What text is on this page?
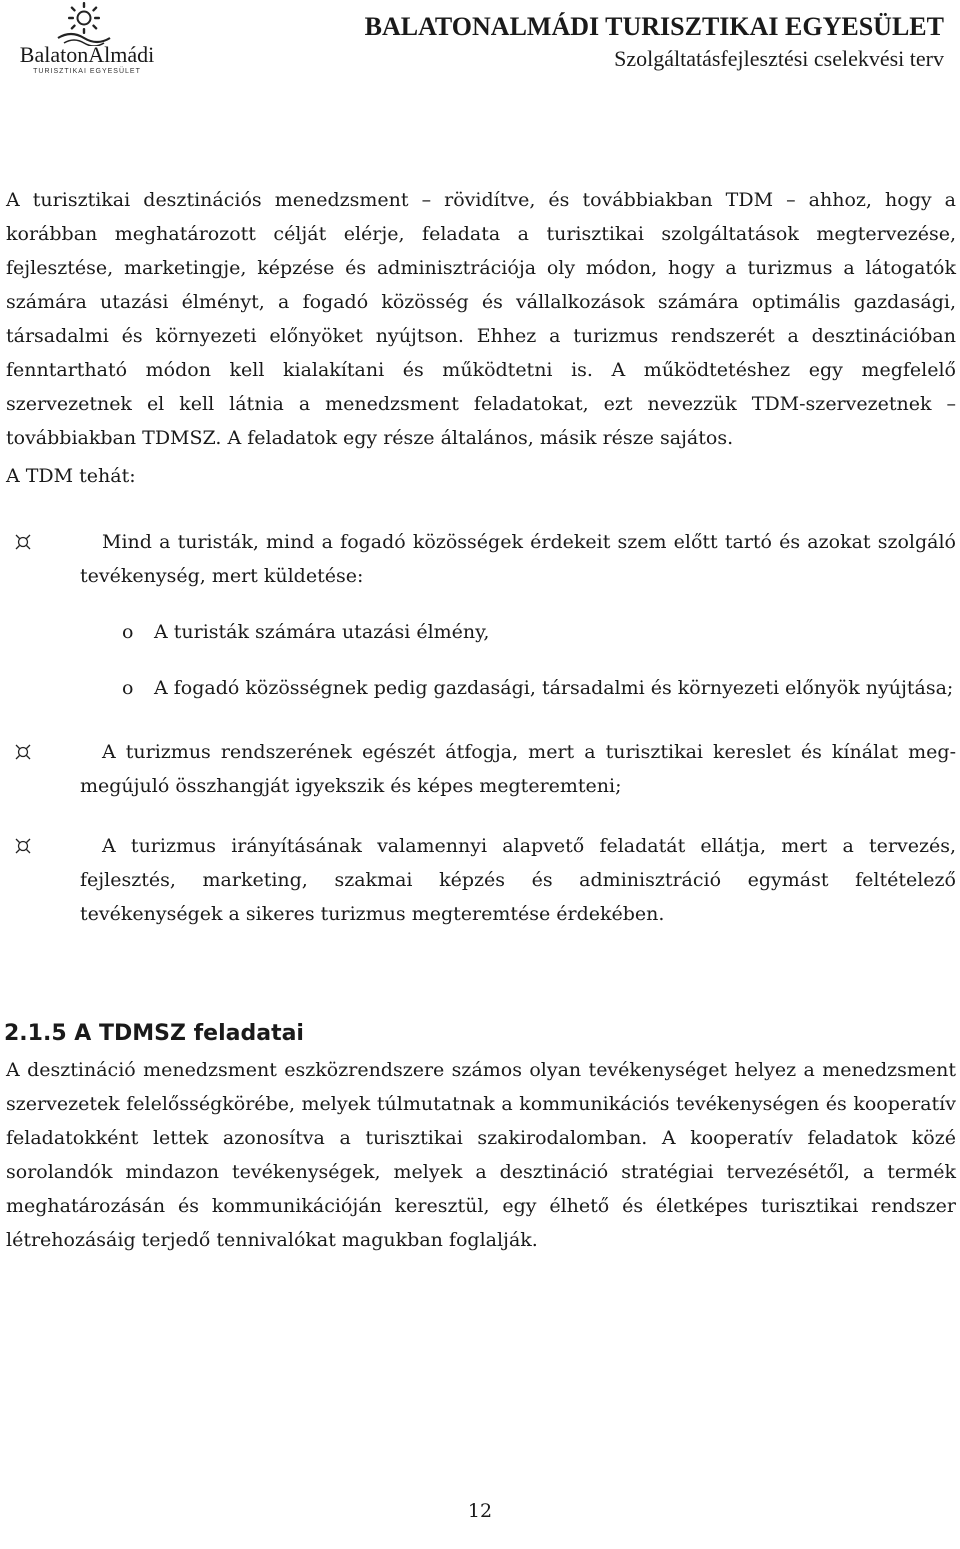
BalatonAlmádi
TURISZTIKAI EGYESÜLET
BALATONALMÁDI TURISZTIKAI EGYESÜLET
Szolgáltatásfejlesztési cselekvési terv

A turisztikai desztinációs menedzsment – rövidítve, és továbbiakban TDM – ahhoz, hogy a korábban meghatározott célját elérje, feladata a turisztikai szolgáltatások megtervezése, fejlesztése, marketingje, képzése és adminisztrációja oly módon, hogy a turizmus a látogatók számára utazási élményt, a fogadó közösség és vállalkozások számára optimális gazdasági, társadalmi és környezeti előnyöket nyújtson. Ehhez a turizmus rendszerét a desztinációban fenntartható módon kell kialakítani és működtetni is. A működtetéshez egy megfelelő szervezetnek el kell látnia a menedzsment feladatokat, ezt nevezzük TDM-szervezetnek – továbbiakban TDMSZ. A feladatok egy része általános, másik része sajátos.

A TDM tehát:

Mind a turisták, mind a fogadó közösségek érdekeit szem előtt tartó és azokat szolgáló tevékenység, mert küldetése:
o A turisták számára utazási élmény,
o A fogadó közösségnek pedig gazdasági, társadalmi és környezeti előnyök nyújtása;
A turizmus rendszerének egészét átfogja, mert a turisztikai kereslet és kínálat meg-megújuló összhangját igyekszik és képes megteremteni;
A turizmus irányításának valamennyi alapvető feladatát ellátja, mert a tervezés, fejlesztés, marketing, szakmai képzés és adminisztráció egymást feltételező tevékenységek a sikeres turizmus megteremtése érdekében.
2.1.5 A TDMSZ feladatai

A desztináció menedzsment eszközrendszere számos olyan tevékenységet helyez a menedzsment szervezetek felelősségkörébe, melyek túlmutatnak a kommunikációs tevékenységen és kooperatív feladatokként lettek azonosítva a turisztikai szakirodalomban. A kooperatív feladatok közé sorolandók mindazon tevékenységek, melyek a desztináció stratégiai tervezésétől, a termék meghatározásán és kommunikációján keresztül, egy élhető és életképes turisztikai rendszer létrehozásáig terjedő tennivalókat magukban foglalják.

12
